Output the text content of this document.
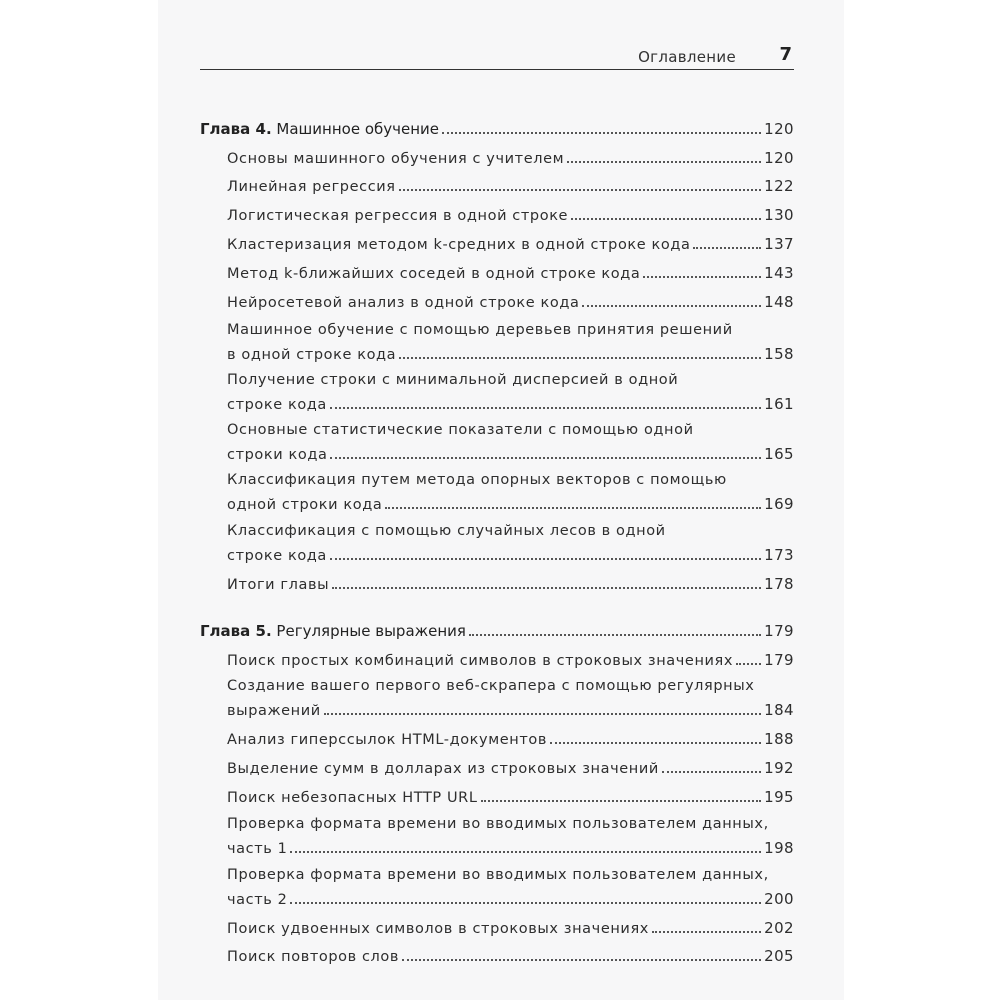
Оглавление 7
Глава 4. Машинное обучение	120
Основы машинного обучения с учителем	120
Линейная регрессия	122
Логистическая регрессия в одной строке	130
Кластеризация методом k-средних в одной строке кода	137
Метод k-ближайших соседей в одной строке кода	143
Нейросетевой анализ в одной строке кода	148
Машинное обучение с помощью деревьев принятия решений
в одной строке кода	158
Получение строки с минимальной дисперсией в одной
строке кода	161
Основные статистические показатели с помощью одной
строки кода	165
Классификация путем метода опорных векторов с помощью
одной строки кода	169
Классификация с помощью случайных лесов в одной
строке кода	173
Итоги главы	178
Глава 5. Регулярные выражения	179
Поиск простых комбинаций символов в строковых значениях 179
Создание вашего первого веб-скрапера с помощью регулярных
выражений	184
Анализ гиперссылок HTML-документов	188
Выделение сумм в долларах из строковых значений	192
Поиск небезопасных HTTP URL	195
Проверка формата времени во вводимых пользователем данных,
часть 1	198
Проверка формата времени во вводимых пользователем данных,
часть 2	200
Поиск удвоенных символов в строковых значениях	202
Поиск повторов слов	205
